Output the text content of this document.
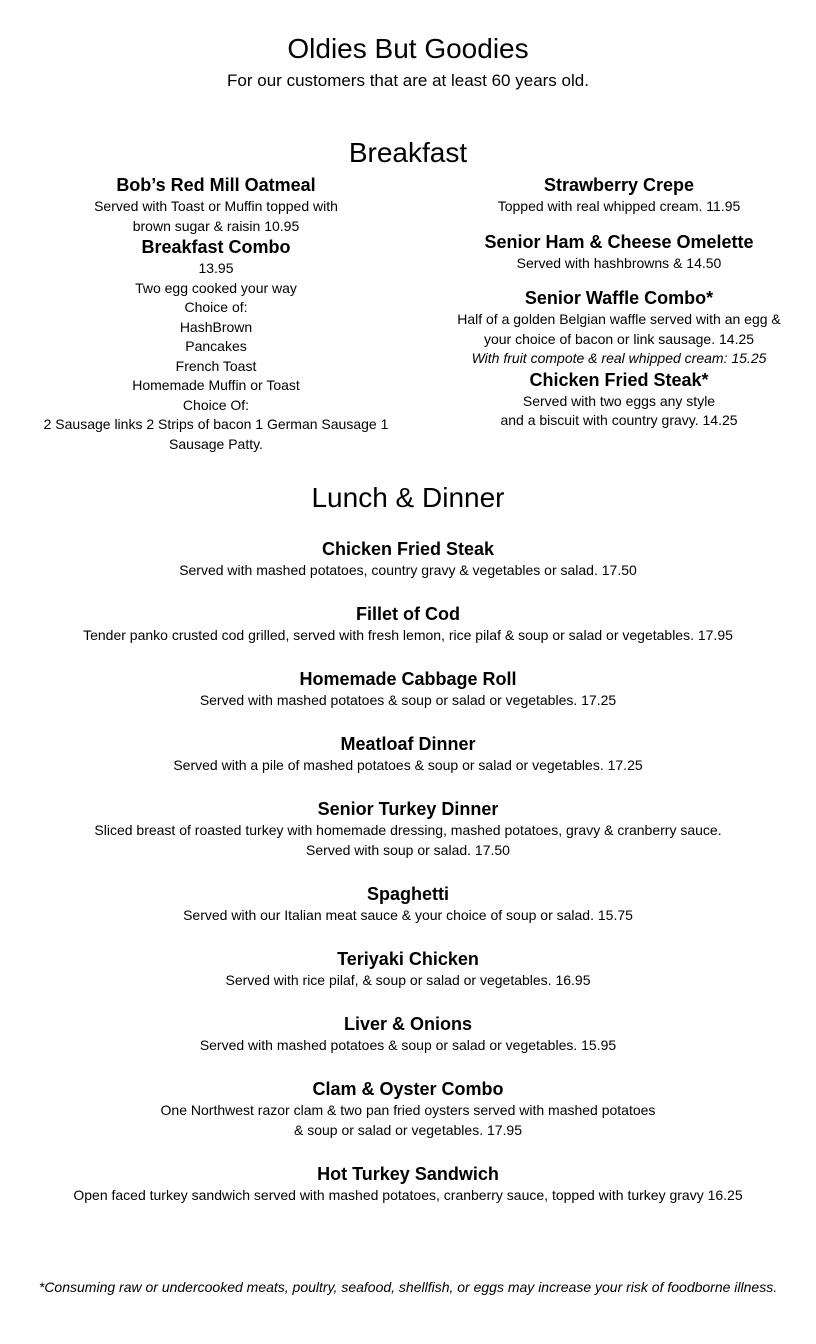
Oldies But Goodies
For our customers that are at least 60 years old.
Breakfast

Bob’s Red Mill Oatmeal

Served with Toast or Muffin topped with

brown sugar & raisin 10.95

Breakfast Combo

13.95

Two egg cooked your way

Choice of:

HashBrown

Pancakes

French Toast

Homemade Muffin or Toast

Choice Of:

2 Sausage links 2 Strips of bacon 1 German Sausage 1

Sausage Patty.

Strawberry Crepe

Topped with real whipped cream. 11.95

Senior Ham & Cheese Omelette

Served with hashbrowns & 14.50

Senior Waffle Combo*

Half of a golden Belgian waffle served with an egg &

your choice of bacon or link sausage. 14.25

With fruit compote & real whipped cream: 15.25

Chicken Fried Steak*

Served with two eggs any style

and a biscuit with country gravy. 14.25

Lunch & Dinner

Chicken Fried Steak

Served with mashed potatoes, country gravy & vegetables or salad. 17.50

Fillet of Cod

Tender panko crusted cod grilled, served with fresh lemon, rice pilaf & soup or salad or vegetables. 17.95

Homemade Cabbage Roll

Served with mashed potatoes & soup or salad or vegetables. 17.25

Meatloaf Dinner

Served with a pile of mashed potatoes & soup or salad or vegetables. 17.25

Senior Turkey Dinner

Sliced breast of roasted turkey with homemade dressing, mashed potatoes, gravy & cranberry sauce.

Served with soup or salad. 17.50

Spaghetti

Served with our Italian meat sauce & your choice of soup or salad. 15.75

Teriyaki Chicken

Served with rice pilaf, & soup or salad or vegetables. 16.95

Liver & Onions

Served with mashed potatoes & soup or salad or vegetables. 15.95

Clam & Oyster Combo

One Northwest razor clam & two pan fried oysters served with mashed potatoes

& soup or salad or vegetables. 17.95

Hot Turkey Sandwich

Open faced turkey sandwich served with mashed potatoes, cranberry sauce, topped with turkey gravy 16.25

*Consuming raw or undercooked meats, poultry, seafood, shellfish, or eggs may increase your risk of foodborne illness.
